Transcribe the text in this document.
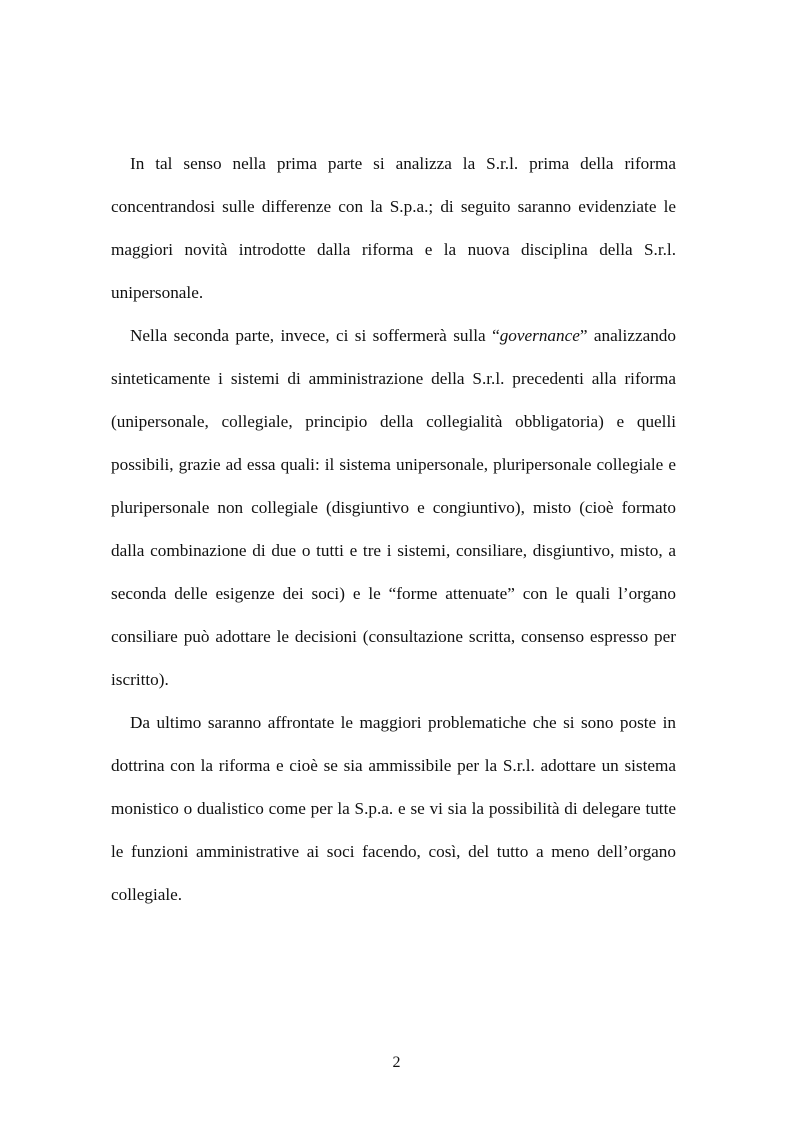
In tal senso nella prima parte si analizza la S.r.l. prima della riforma concentrandosi sulle differenze con la S.p.a.; di seguito saranno evidenziate le maggiori novità introdotte dalla riforma e la nuova disciplina della S.r.l. unipersonale.

Nella seconda parte, invece, ci si soffermerà sulla “governance” analizzando sinteticamente i sistemi di amministrazione della S.r.l. precedenti alla riforma (unipersonale, collegiale, principio della collegialità obbligatoria) e quelli possibili, grazie ad essa quali: il sistema unipersonale, pluripersonale collegiale e pluripersonale non collegiale (disgiuntivo e congiuntivo), misto (cioè formato dalla combinazione di due o tutti e tre i sistemi, consiliare, disgiuntivo, misto, a seconda delle esigenze dei soci) e le “forme attenuate” con le quali l’organo consiliare può adottare le decisioni (consultazione scritta, consenso espresso per iscritto).

Da ultimo saranno affrontate le maggiori problematiche che si sono poste in dottrina con la riforma e cioè se sia ammissibile per la S.r.l. adottare un sistema monistico o dualistico come per la S.p.a. e se vi sia la possibilità di delegare tutte le funzioni amministrative ai soci facendo, così, del tutto a meno dell’organo collegiale.

2
